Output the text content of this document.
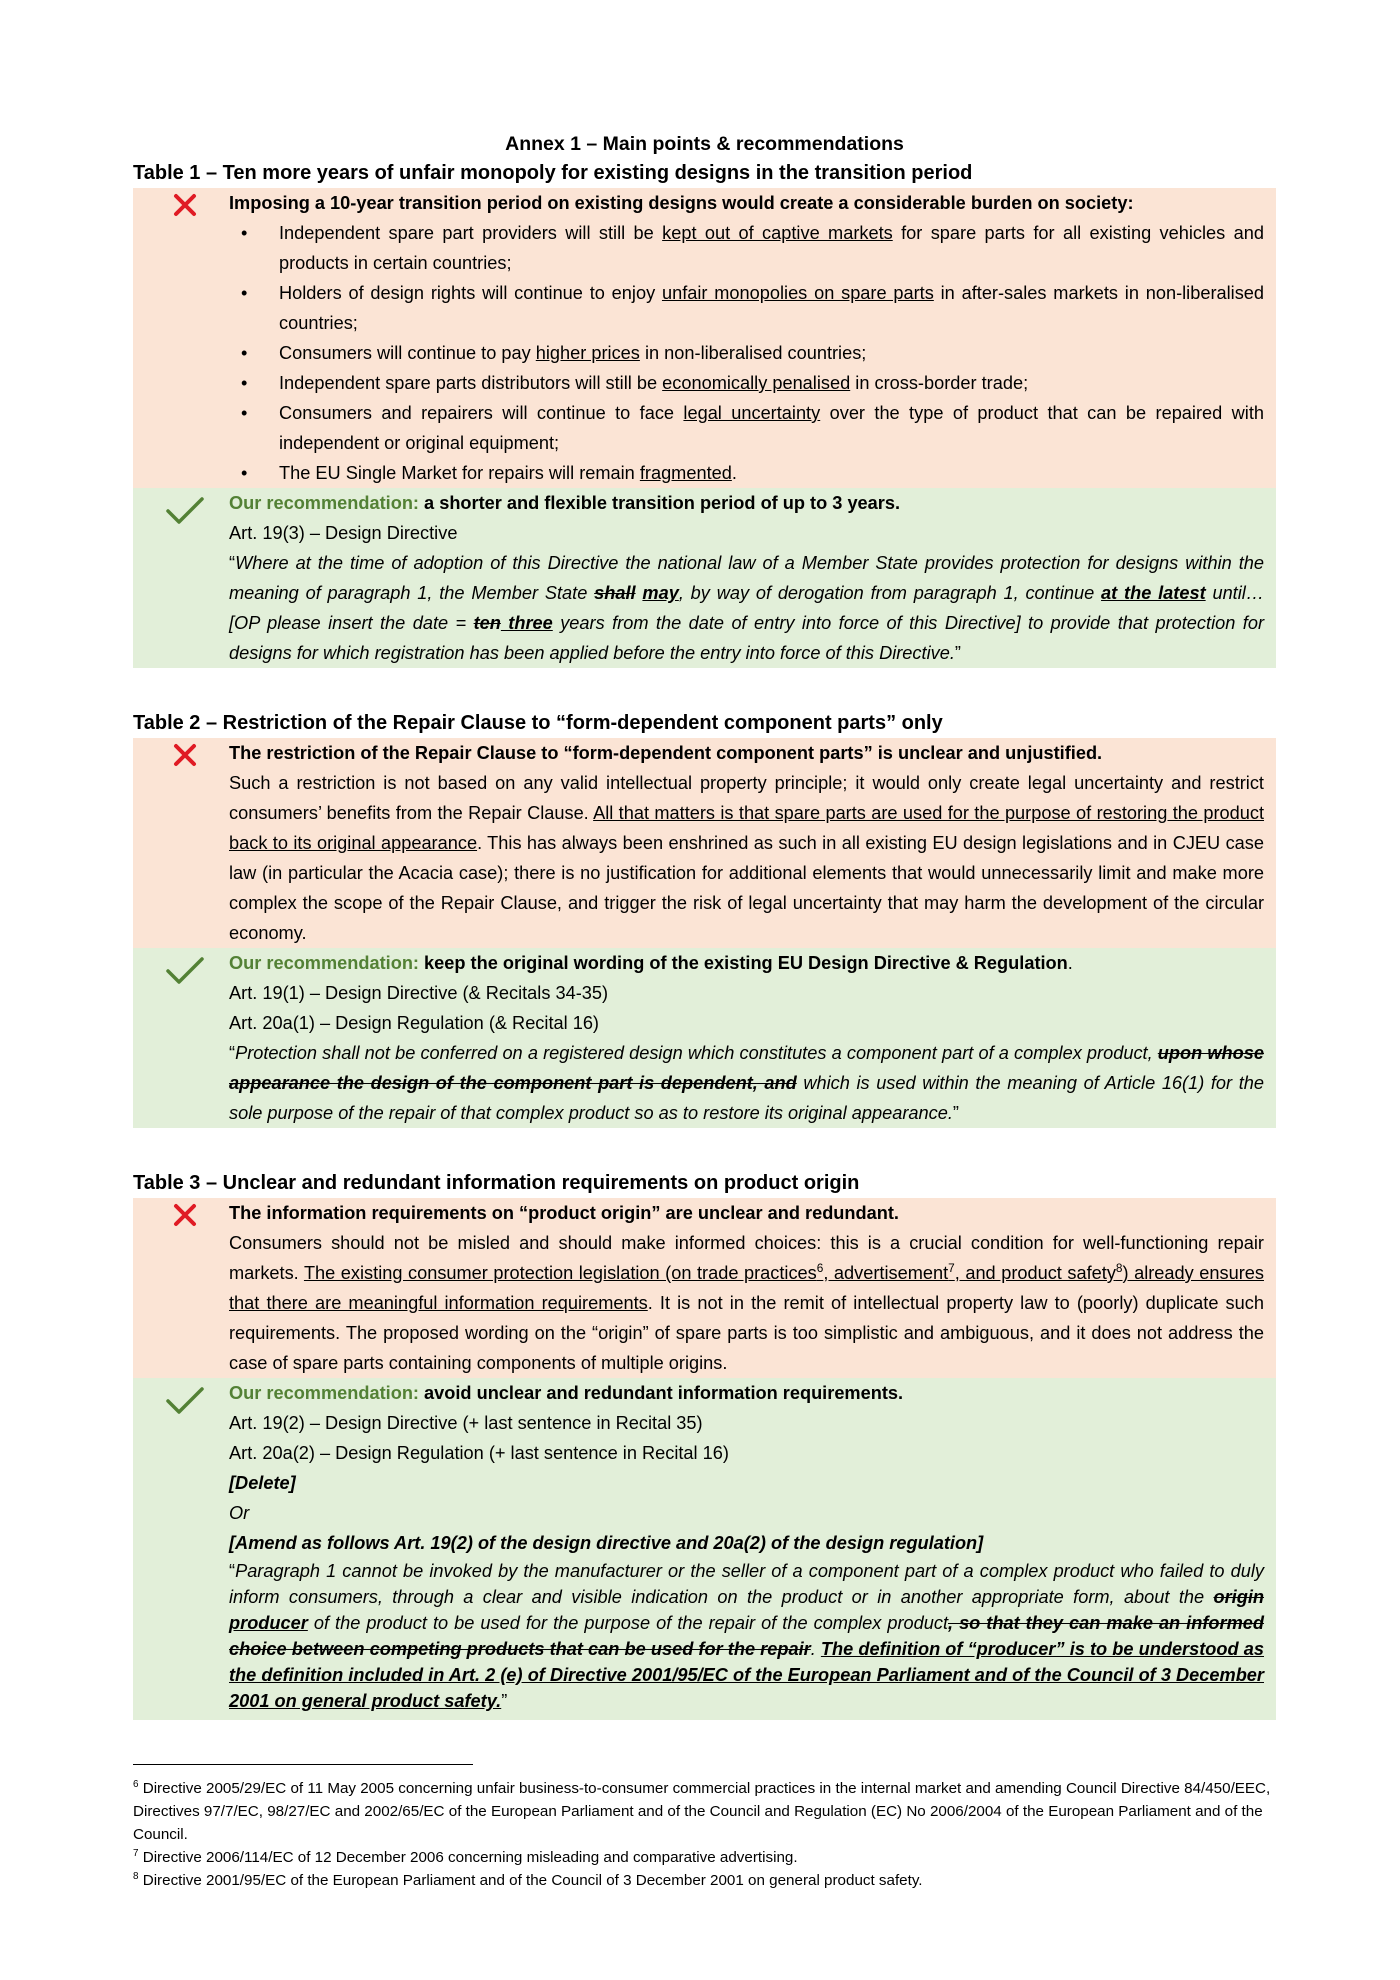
Annex 1 – Main points & recommendations

Table 1 – Ten more years of unfair monopoly for existing designs in the transition period

Imposing a 10-year transition period on existing designs would create a considerable burden on society:

• Independent spare part providers will still be kept out of captive markets for spare parts for all existing vehicles and products in certain countries;
• Holders of design rights will continue to enjoy unfair monopolies on spare parts in after-sales markets in non-liberalised countries;
• Consumers will continue to pay higher prices in non-liberalised countries;
• Independent spare parts distributors will still be economically penalised in cross-border trade;
• Consumers and repairers will continue to face legal uncertainty over the type of product that can be repaired with independent or original equipment;
• The EU Single Market for repairs will remain fragmented.

Our recommendation: a shorter and flexible transition period of up to 3 years.

Art. 19(3) – Design Directive

“Where at the time of adoption of this Directive the national law of a Member State provides protection for designs within the meaning of paragraph 1, the Member State shall may, by way of derogation from paragraph 1, continue at the latest until… [OP please insert the date = ten three years from the date of entry into force of this Directive] to provide that protection for designs for which registration has been applied before the entry into force of this Directive.”

Table 2 – Restriction of the Repair Clause to “form-dependent component parts” only

The restriction of the Repair Clause to “form-dependent component parts” is unclear and unjustified.

Such a restriction is not based on any valid intellectual property principle; it would only create legal uncertainty and restrict consumers’ benefits from the Repair Clause. All that matters is that spare parts are used for the purpose of restoring the product back to its original appearance. This has always been enshrined as such in all existing EU design legislations and in CJEU case law (in particular the Acacia case); there is no justification for additional elements that would unnecessarily limit and make more complex the scope of the Repair Clause, and trigger the risk of legal uncertainty that may harm the development of the circular economy.

Our recommendation: keep the original wording of the existing EU Design Directive & Regulation.

Art. 19(1) – Design Directive (& Recitals 34-35)

Art. 20a(1) – Design Regulation (& Recital 16)

“Protection shall not be conferred on a registered design which constitutes a component part of a complex product, upon whose appearance the design of the component part is dependent, and which is used within the meaning of Article 16(1) for the sole purpose of the repair of that complex product so as to restore its original appearance.”

Table 3 – Unclear and redundant information requirements on product origin

The information requirements on “product origin” are unclear and redundant.

Consumers should not be misled and should make informed choices: this is a crucial condition for well-functioning repair markets. The existing consumer protection legislation (on trade practices$^6$, advertisement$^7$, and product safety$^8$) already ensures that there are meaningful information requirements. It is not in the remit of intellectual property law to (poorly) duplicate such requirements. The proposed wording on the “origin” of spare parts is too simplistic and ambiguous, and it does not address the case of spare parts containing components of multiple origins.

Our recommendation: avoid unclear and redundant information requirements.

Art. 19(2) – Design Directive (+ last sentence in Recital 35)

Art. 20a(2) – Design Regulation (+ last sentence in Recital 16)

[Delete]

Or

[Amend as follows Art. 19(2) of the design directive and 20a(2) of the design regulation]

“Paragraph 1 cannot be invoked by the manufacturer or the seller of a component part of a complex product who failed to duly inform consumers, through a clear and visible indication on the product or in another appropriate form, about the origin producer of the product to be used for the purpose of the repair of the complex product, so that they can make an informed choice between competing products that can be used for the repair. The definition of “producer” is to be understood as the definition included in Art. 2 (e) of Directive 2001/95/EC of the European Parliament and of the Council of 3 December 2001 on general product safety.”

$^6$ Directive 2005/29/EC of 11 May 2005 concerning unfair business-to-consumer commercial practices in the internal market and amending Council Directive 84/450/EEC, Directives 97/7/EC, 98/27/EC and 2002/65/EC of the European Parliament and of the Council and Regulation (EC) No 2006/2004 of the European Parliament and of the Council.

$^7$ Directive 2006/114/EC of 12 December 2006 concerning misleading and comparative advertising.

$^8$ Directive 2001/95/EC of the European Parliament and of the Council of 3 December 2001 on general product safety.
